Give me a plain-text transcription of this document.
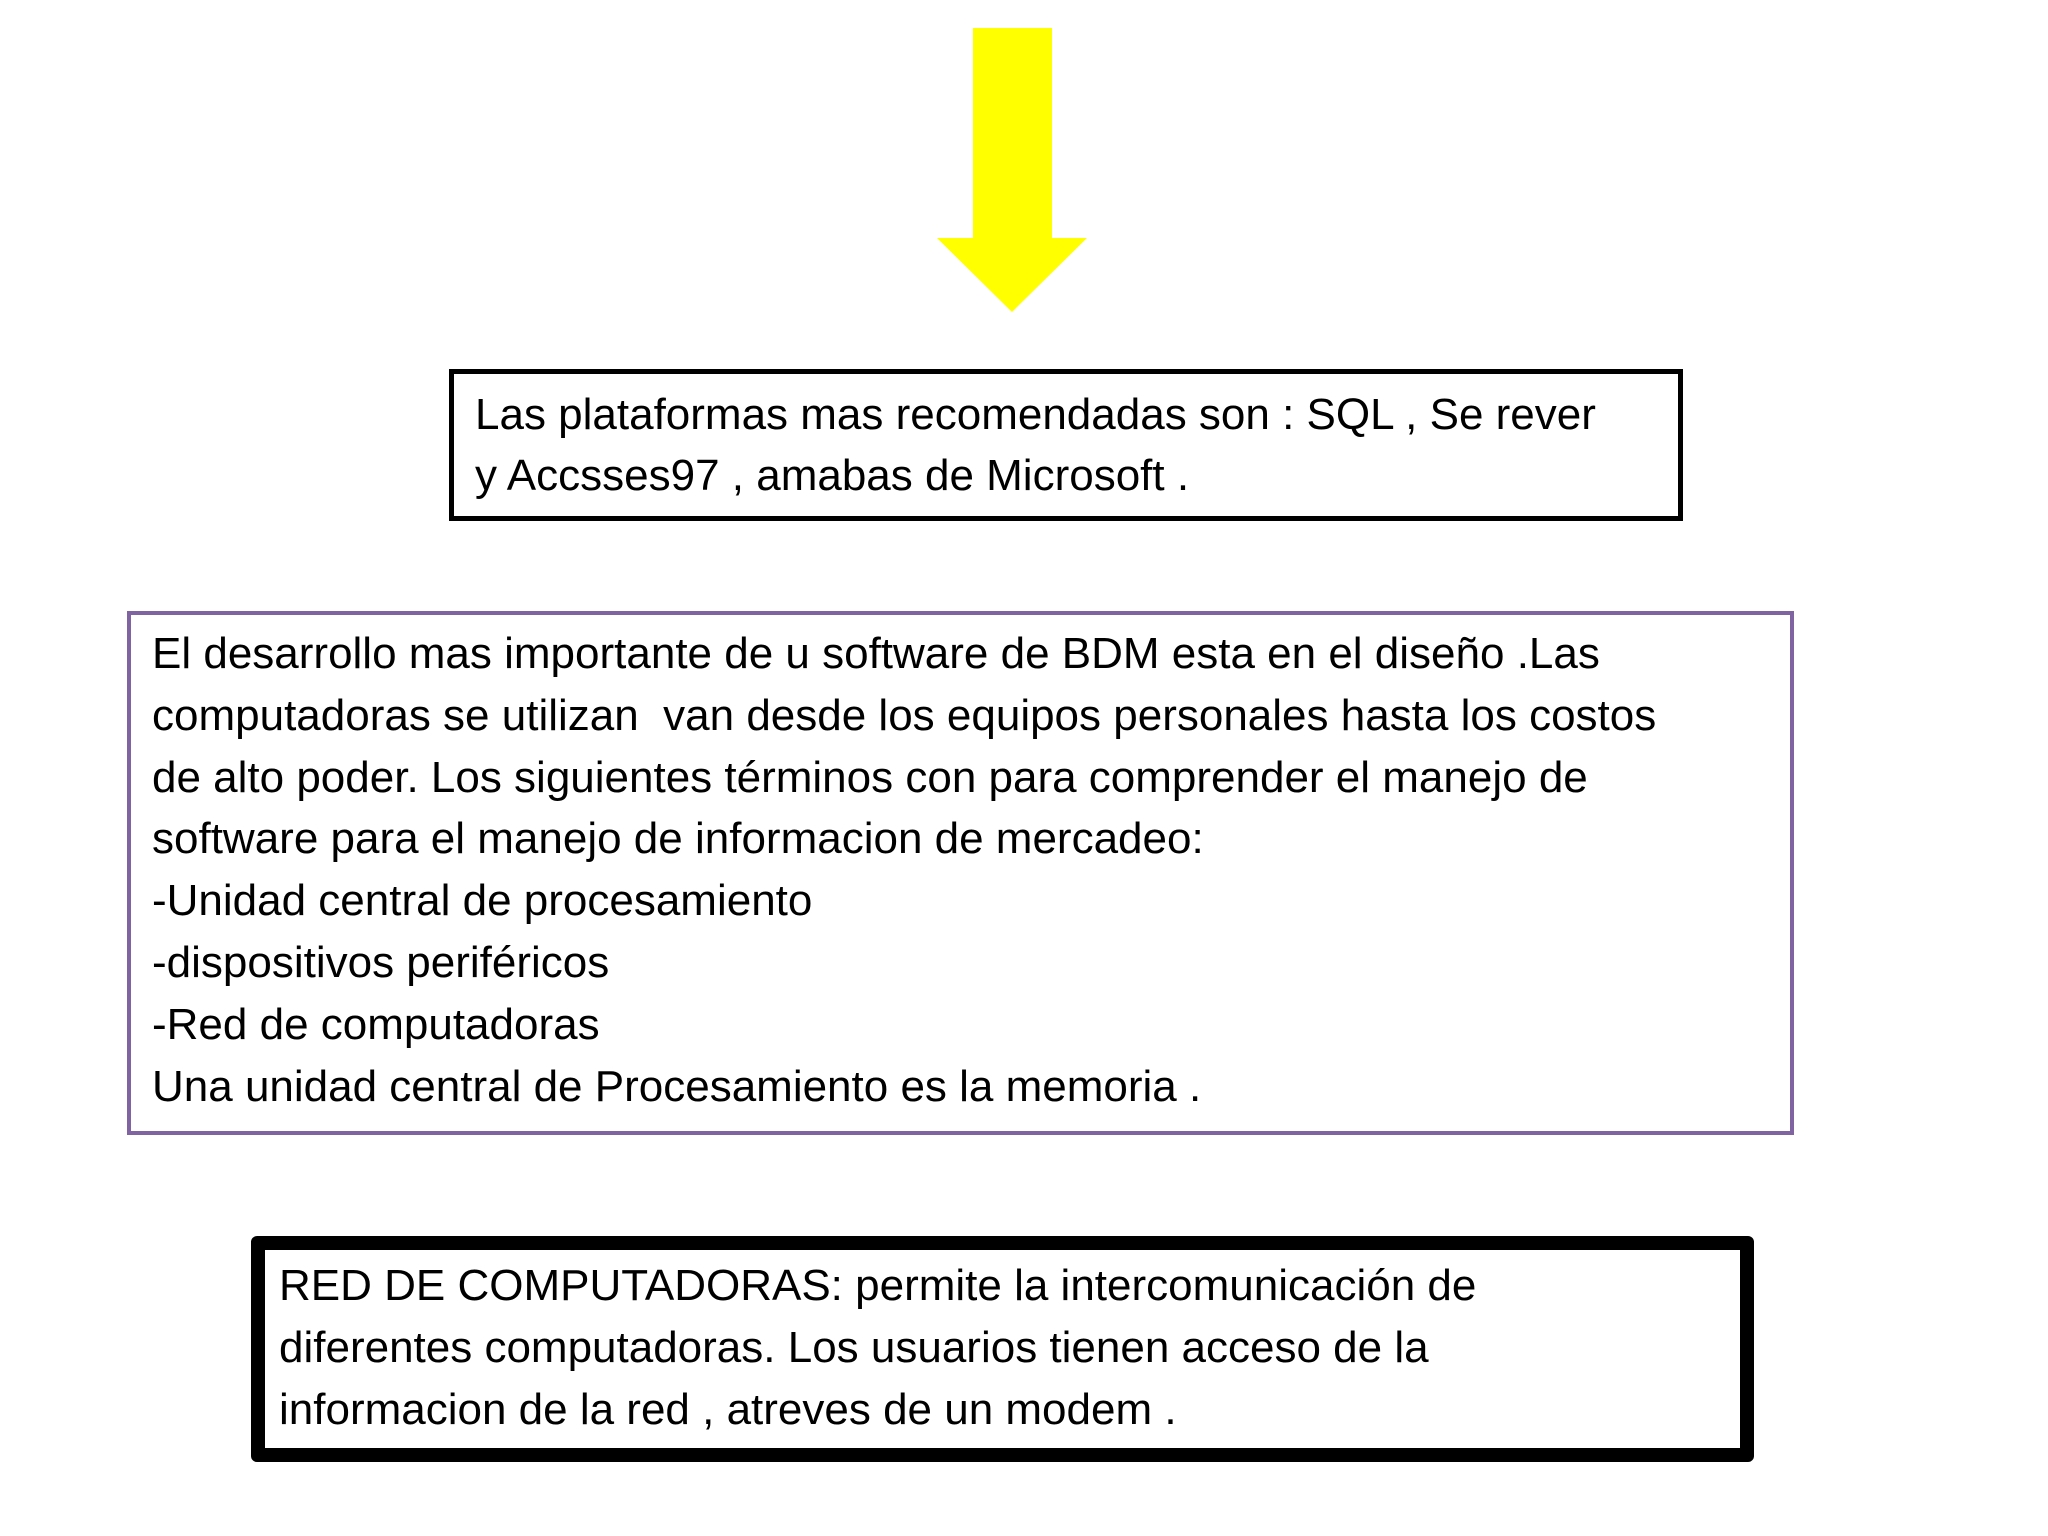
Las plataformas mas recomendadas son : SQL , Se rever
y Accsses97 , amabas de Microsoft .
El desarrollo mas importante de u software de BDM esta en el diseño .Las
computadoras se utilizan  van desde los equipos personales hasta los costos
de alto poder. Los siguientes términos con para comprender el manejo de
software para el manejo de informacion de mercadeo:
-Unidad central de procesamiento
-dispositivos periféricos
-Red de computadoras
Una unidad central de Procesamiento es la memoria .
RED DE COMPUTADORAS: permite la intercomunicación de
diferentes computadoras. Los usuarios tienen acceso de la
informacion de la red , atreves de un modem .
